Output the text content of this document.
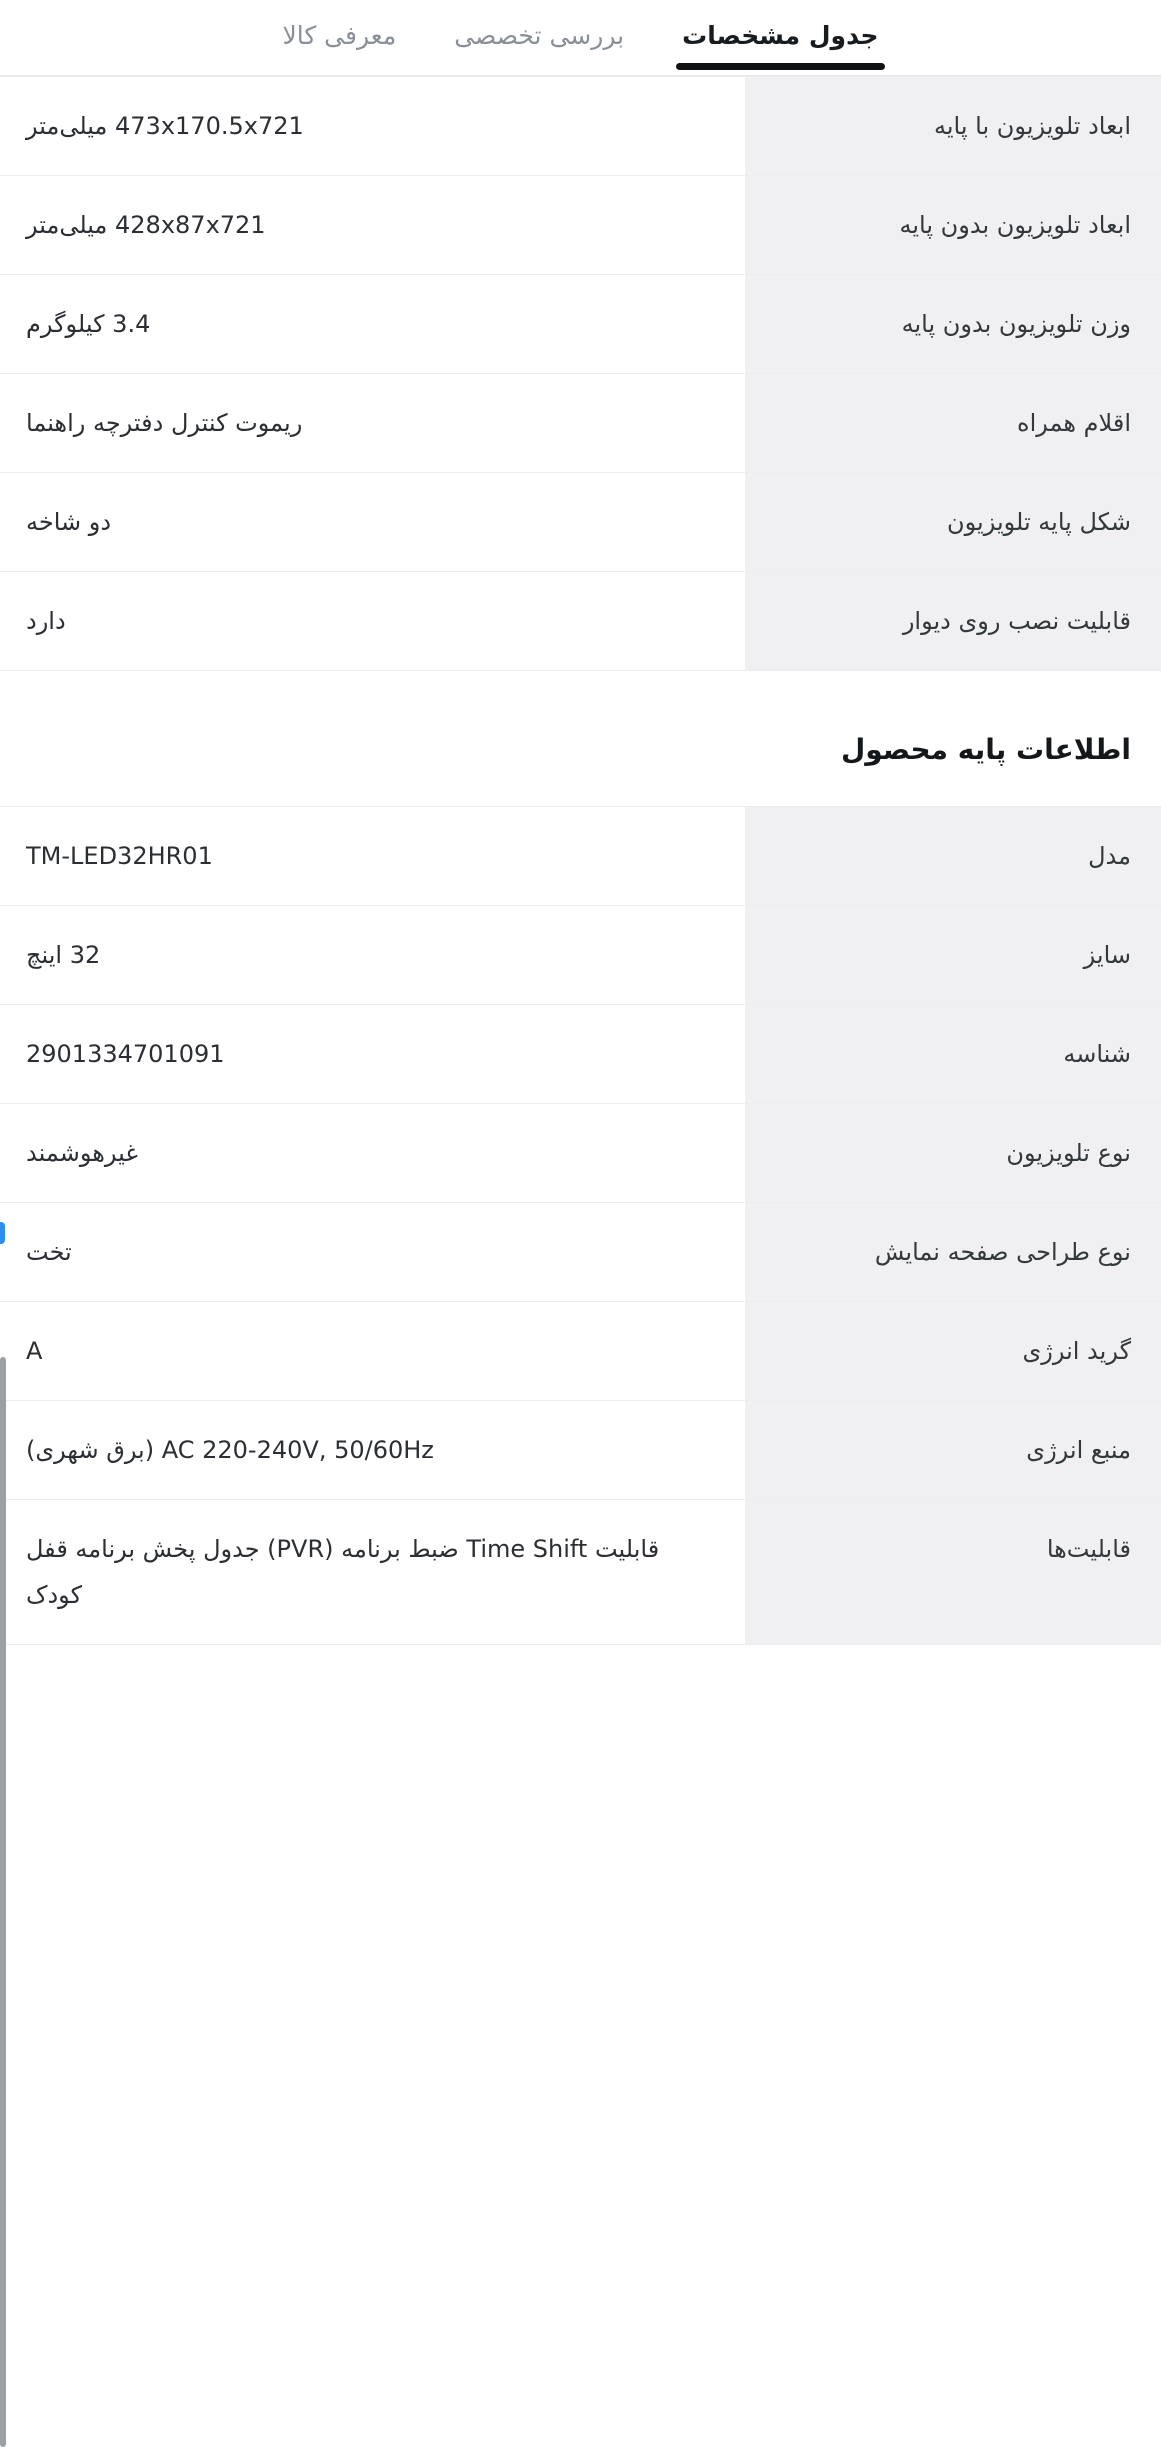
جدول مشخصات
بررسی تخصصی
معرفی کالا
ابعاد تلویزیون با پایه	473x170.5x721 میلی‌متر

ابعاد تلویزیون بدون پایه	428x87x721 میلی‌متر

وزن تلویزیون بدون پایه	3.4 کیلوگرم

اقلام همراه	ریموت کنترل دفترچه راهنما

شکل پایه تلویزیون	دو شاخه

قابلیت نصب روی دیوار	دارد
اطلاعات پایه محصول
مدل	TM-LED32HR01

سایز	32 اینچ

شناسه	2901334701091

نوع تلویزیون	غیرهوشمند

نوع طراحی صفحه نمایش	تخت

گرید انرژی	A

منبع انرژی	AC 220-240V, 50/60Hz (برق شهری)

قابلیت‌ها	قابلیت Time Shift ضبط برنامه (PVR) جدول پخش برنامه قفل کودک
